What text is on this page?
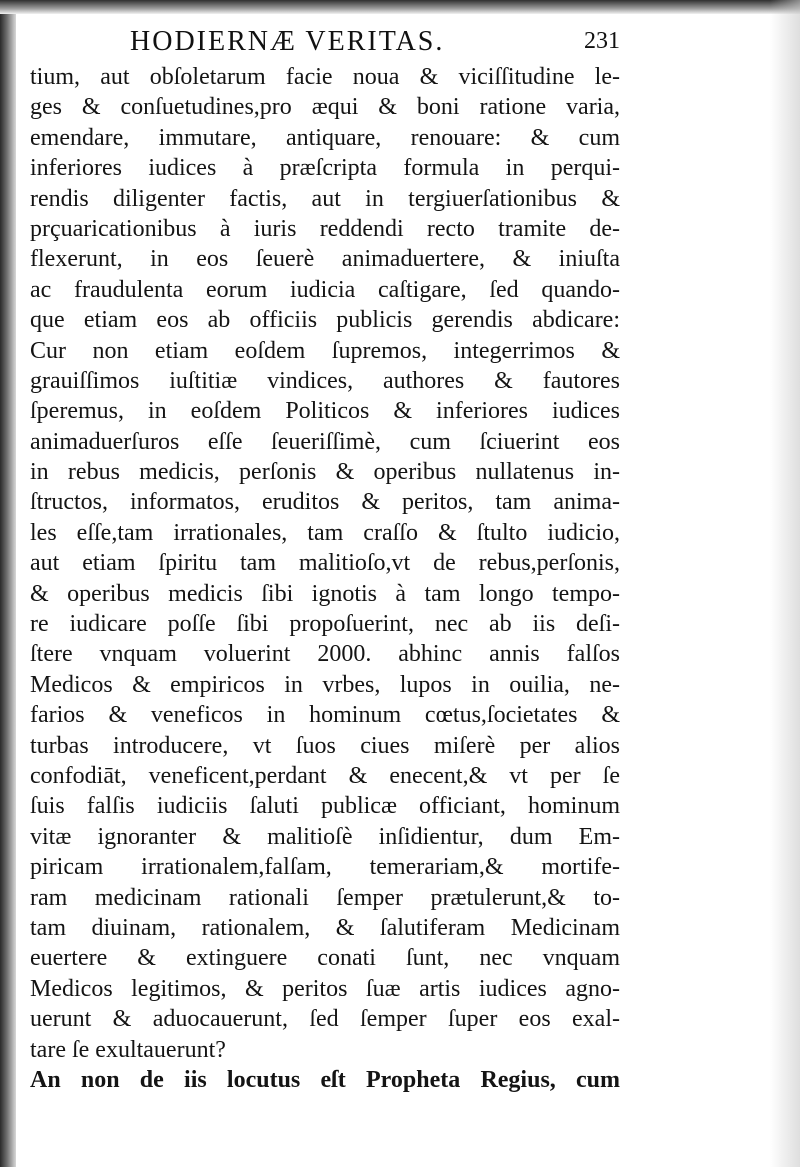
HODIERNÆ VERITAS.	231
tium, aut obſoletarum facie noua & viciſſitudine le-
ges & conſuetudines,pro æqui & boni ratione varia,
emendare, immutare, antiquare, renouare: & cum
inferiores iudices à præſcripta formula in perqui-
rendis diligenter factis, aut in tergiuerſationibus &
prçuaricationibus à iuris reddendi recto tramite de-
flexerunt, in eos ſeuerè animaduertere, & iniuſta
ac fraudulenta eorum iudicia caſtigare, ſed quando-
que etiam eos ab officiis publicis gerendis abdicare:
Cur non etiam eoſdem ſupremos, integerrimos &
grauiſſimos iuſtitiæ vindices, authores & fautores
ſperemus, in eoſdem Politicos & inferiores iudices
animaduerſuros eſſe ſeueriſſimè, cum ſciuerint eos
in rebus medicis, perſonis & operibus nullatenus in-
ſtructos, informatos, eruditos & peritos, tam anima-
les eſſe,tam irrationales, tam craſſo & ſtulto iudicio,
aut etiam ſpiritu tam malitioſo,vt de rebus,perſonis,
& operibus medicis ſibi ignotis à tam longo tempo-
re iudicare poſſe ſibi propoſuerint, nec ab iis deſi-
ſtere vnquam voluerint 2000. abhinc annis falſos
Medicos & empiricos in vrbes, lupos in ouilia, ne-
farios & veneficos in hominum cœtus,ſocietates &
turbas introducere, vt ſuos ciues miſerè per alios
confodiāt, veneficent,perdant & enecent,& vt per ſe
ſuis falſis iudiciis ſaluti publicæ officiant, hominum
vitæ ignoranter & malitioſè inſidientur, dum Em-
piricam irrationalem,falſam, temerariam,& mortife-
ram medicinam rationali ſemper prætulerunt,& to-
tam diuinam, rationalem, & ſalutiferam Medicinam
euertere & extinguere conati ſunt, nec vnquam
Medicos legitimos, & peritos ſuæ artis iudices agno-
uerunt & aduocauerunt, ſed ſemper ſuper eos exal-
tare ſe exultauerunt?
An non de iis locutus eſt Propheta Regius, cum
